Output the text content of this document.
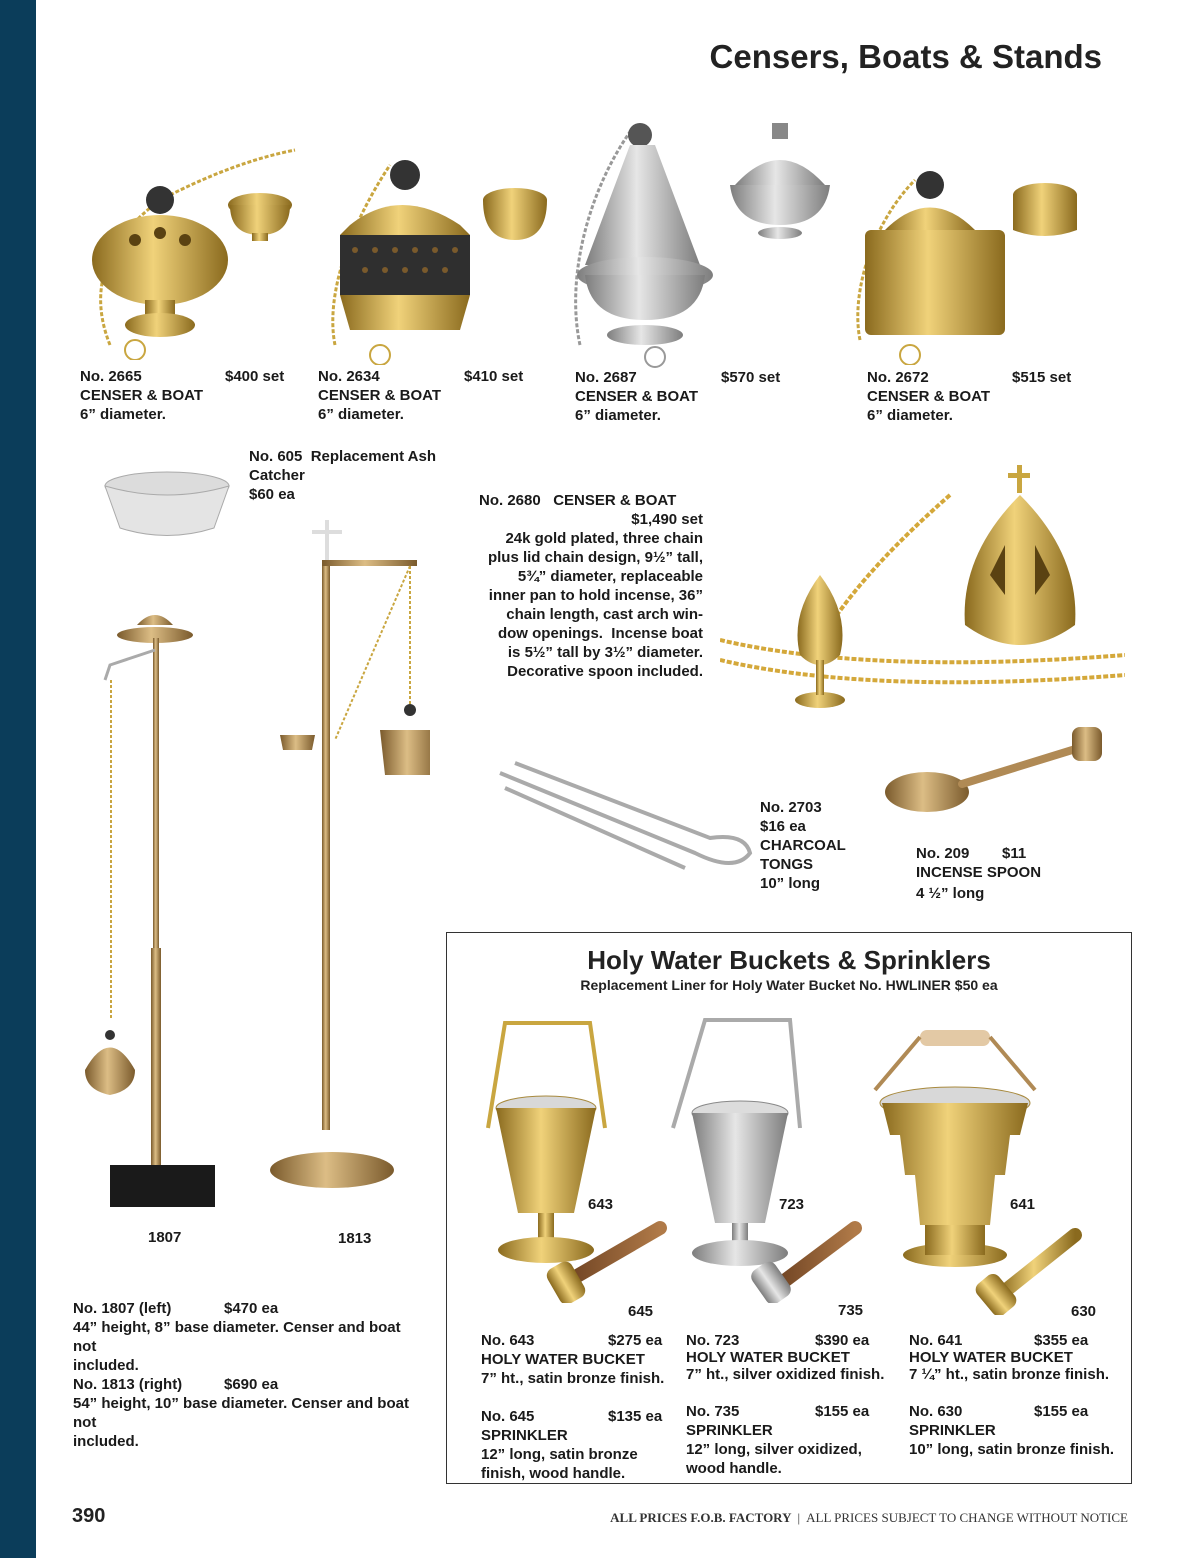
Censers, Boats & Stands
No. 2665	$400 set
CENSER & BOAT
6” diameter.
No. 2634	$410 set
CENSER & BOAT
6” diameter.
No. 2687	$570 set
CENSER & BOAT
6” diameter.
No. 2672	$515 set
CENSER & BOAT
6” diameter.
No. 605  Replacement Ash
Catcher
$60 ea	No. 2680   CENSER & BOAT
$1,490 set
24k gold plated, three chain
plus lid chain design, 9½” tall,
5¾” diameter, replaceable
inner pan to hold incense, 36”
chain length, cast arch win-
dow openings.  Incense boat
is 5½” tall by 3½” diameter.
Decorative spoon included.
No. 2703
$16 ea
CHARCOAL
TONGS
10” long
No. 209 $11
INCENSE SPOON
4 ½” long
1807	1813
No. 1807 (left)	$470 ea
44” height, 8” base diameter. Censer and boat
not
included.
No. 1813 (right)	$690 ea
54” height, 10” base diameter. Censer and boat
not
included.
Holy Water Buckets & Sprinklers
Replacement Liner for Holy Water Bucket No. HWLINER $50 ea
643	723	641
645	735	630
No. 643	$275 ea
HOLY WATER BUCKET
7” ht., satin bronze finish.
No. 645	$135 ea
SPRINKLER
12” long, satin bronze
finish, wood handle.
No. 723	$390 ea
HOLY WATER BUCKET
7” ht., silver oxidized finish.
No. 735	$155 ea
SPRINKLER
12” long, silver oxidized,
wood handle.
No. 641	$355 ea
HOLY WATER BUCKET
7 ¼” ht., satin bronze finish.
No. 630	$155 ea
SPRINKLER
10” long, satin bronze finish.
390	ALL PRICES F.O.B. FACTORY | ALL PRICES SUBJECT TO CHANGE WITHOUT NOTICE
